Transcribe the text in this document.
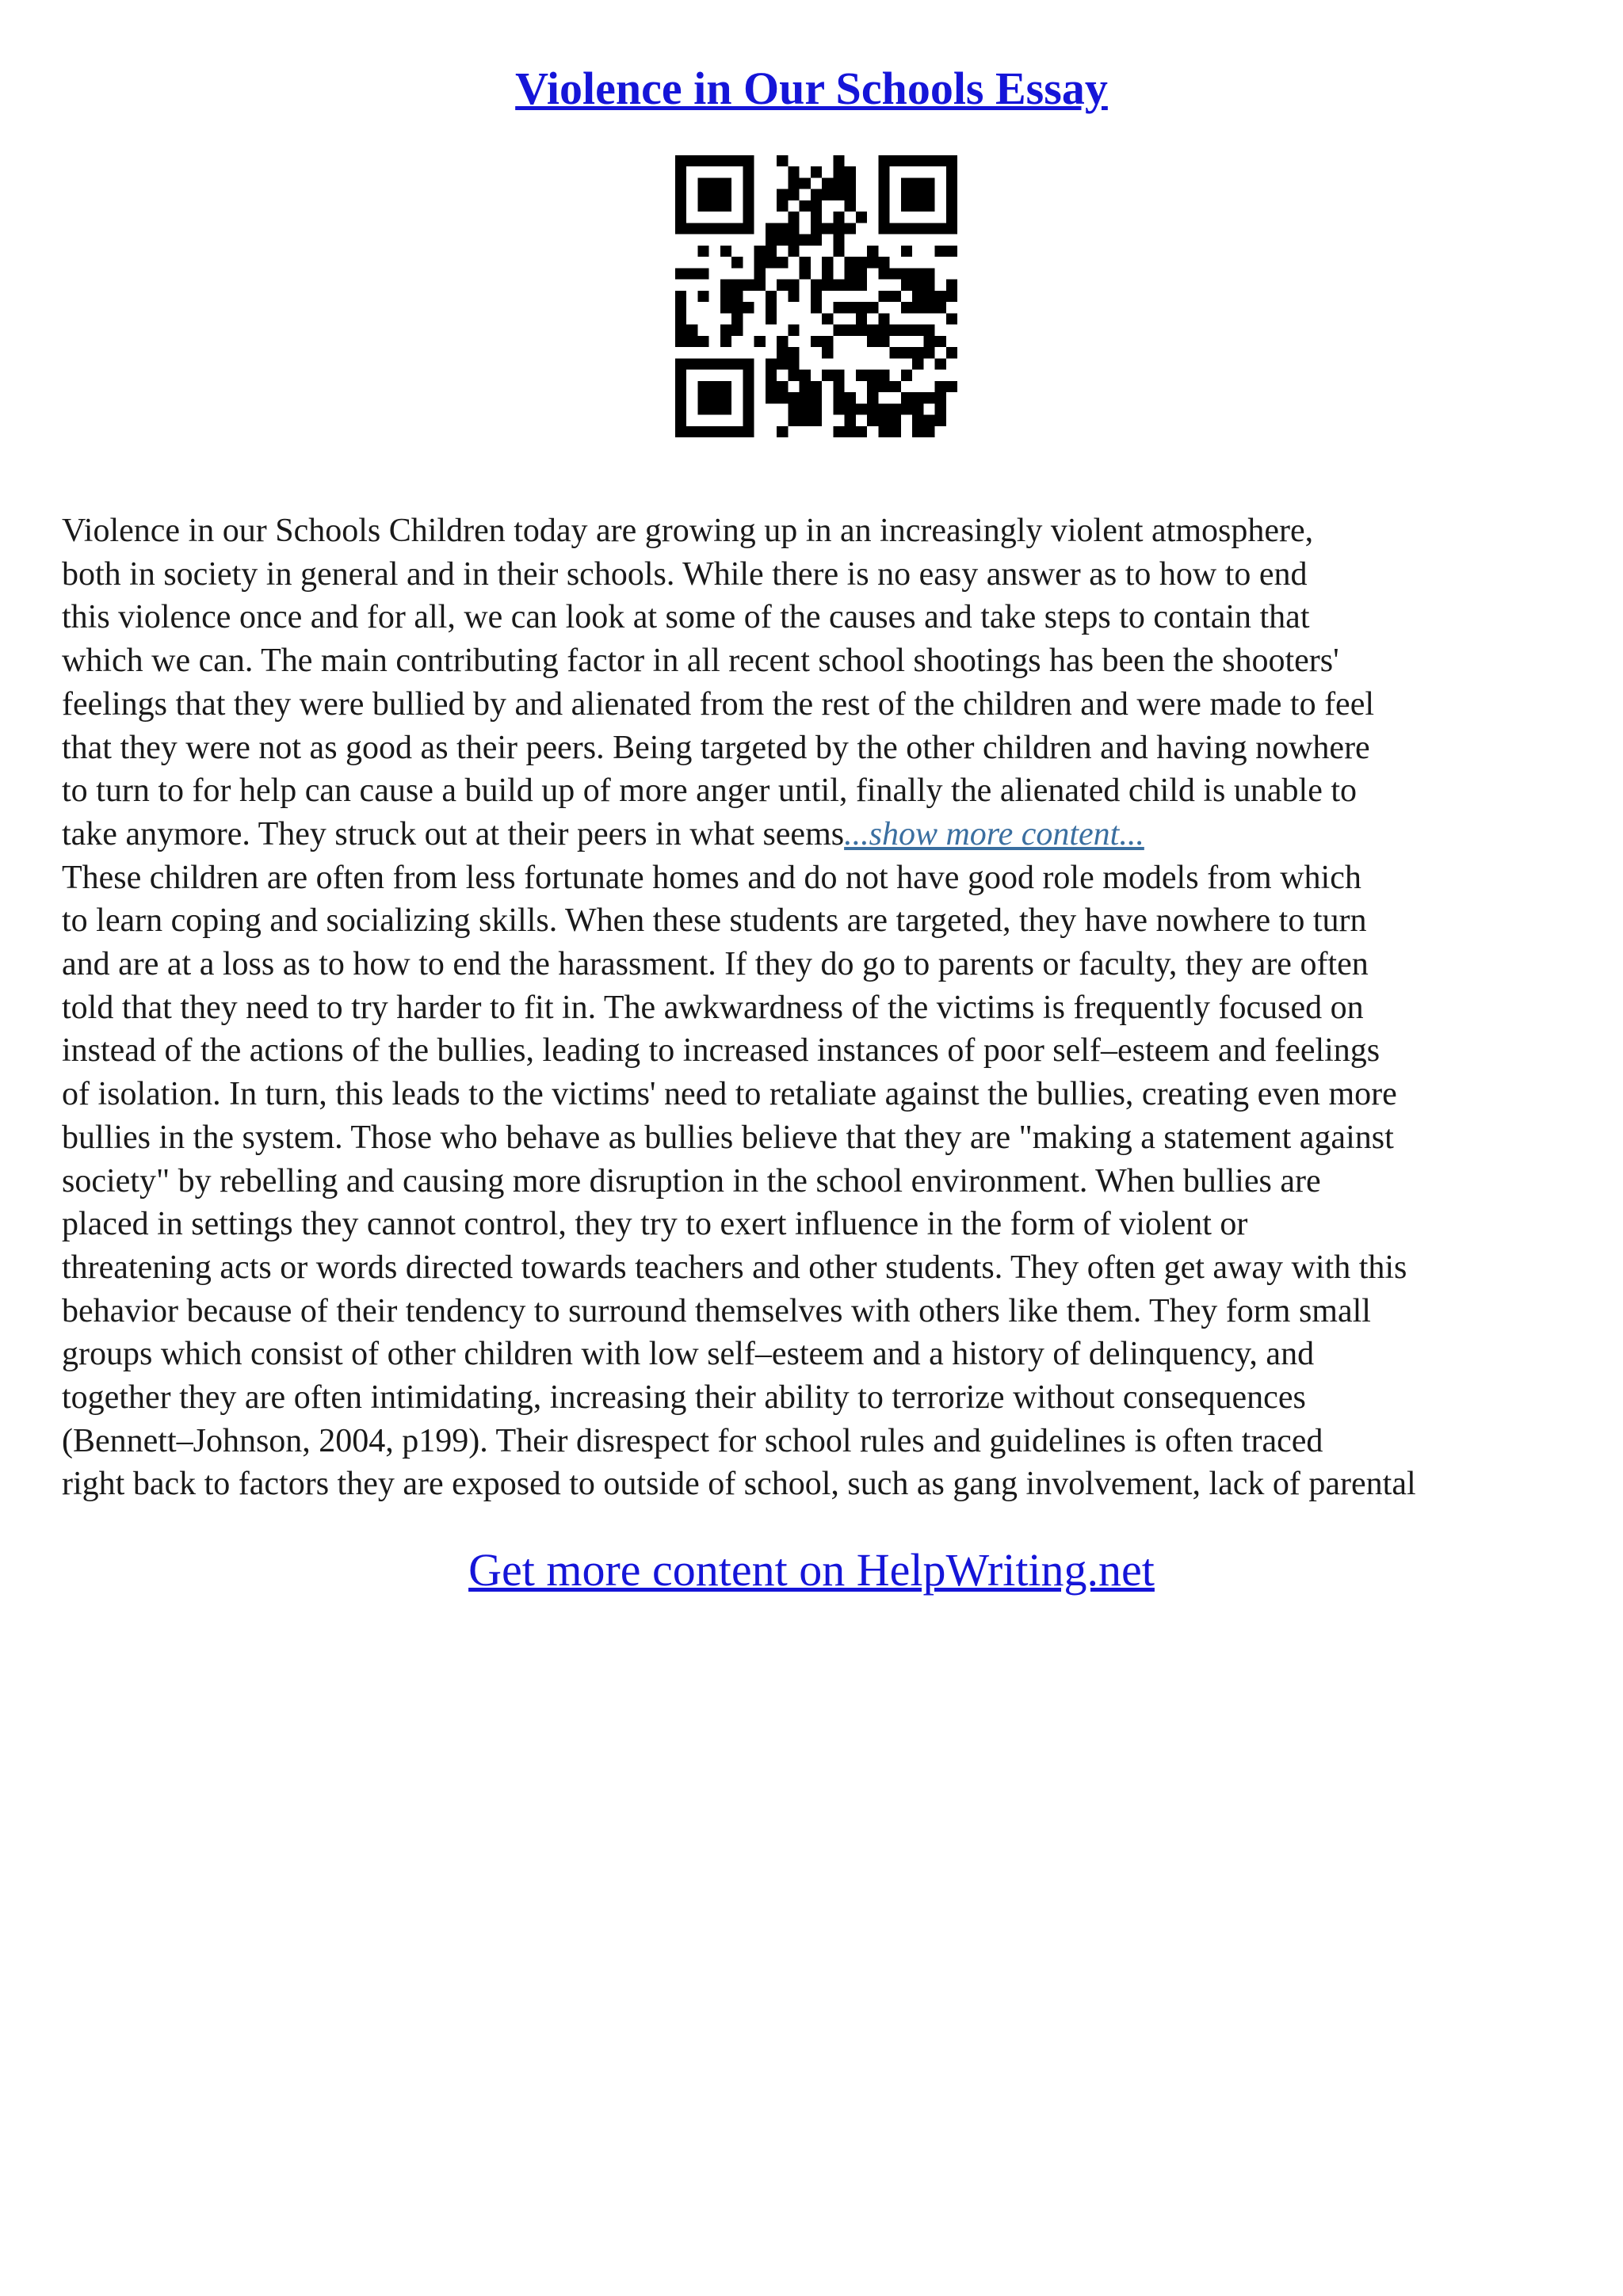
Violence in Our Schools Essay
Violence in our Schools Children today are growing up in an increasingly violent atmosphere,
both in society in general and in their schools. While there is no easy answer as to how to end
this violence once and for all, we can look at some of the causes and take steps to contain that
which we can. The main contributing factor in all recent school shootings has been the shooters'
feelings that they were bullied by and alienated from the rest of the children and were made to feel
that they were not as good as their peers. Being targeted by the other children and having nowhere
to turn to for help can cause a build up of more anger until, finally the alienated child is unable to
take anymore. They struck out at their peers in what seems...show more content...
These children are often from less fortunate homes and do not have good role models from which
to learn coping and socializing skills. When these students are targeted, they have nowhere to turn
and are at a loss as to how to end the harassment. If they do go to parents or faculty, they are often
told that they need to try harder to fit in. The awkwardness of the victims is frequently focused on
instead of the actions of the bullies, leading to increased instances of poor self–esteem and feelings
of isolation. In turn, this leads to the victims' need to retaliate against the bullies, creating even more
bullies in the system. Those who behave as bullies believe that they are "making a statement against
society" by rebelling and causing more disruption in the school environment. When bullies are
placed in settings they cannot control, they try to exert influence in the form of violent or
threatening acts or words directed towards teachers and other students. They often get away with this
behavior because of their tendency to surround themselves with others like them. They form small
groups which consist of other children with low self–esteem and a history of delinquency, and
together they are often intimidating, increasing their ability to terrorize without consequences
(Bennett–Johnson, 2004, p199). Their disrespect for school rules and guidelines is often traced
right back to factors they are exposed to outside of school, such as gang involvement, lack of parental
Get more content on HelpWriting.net
